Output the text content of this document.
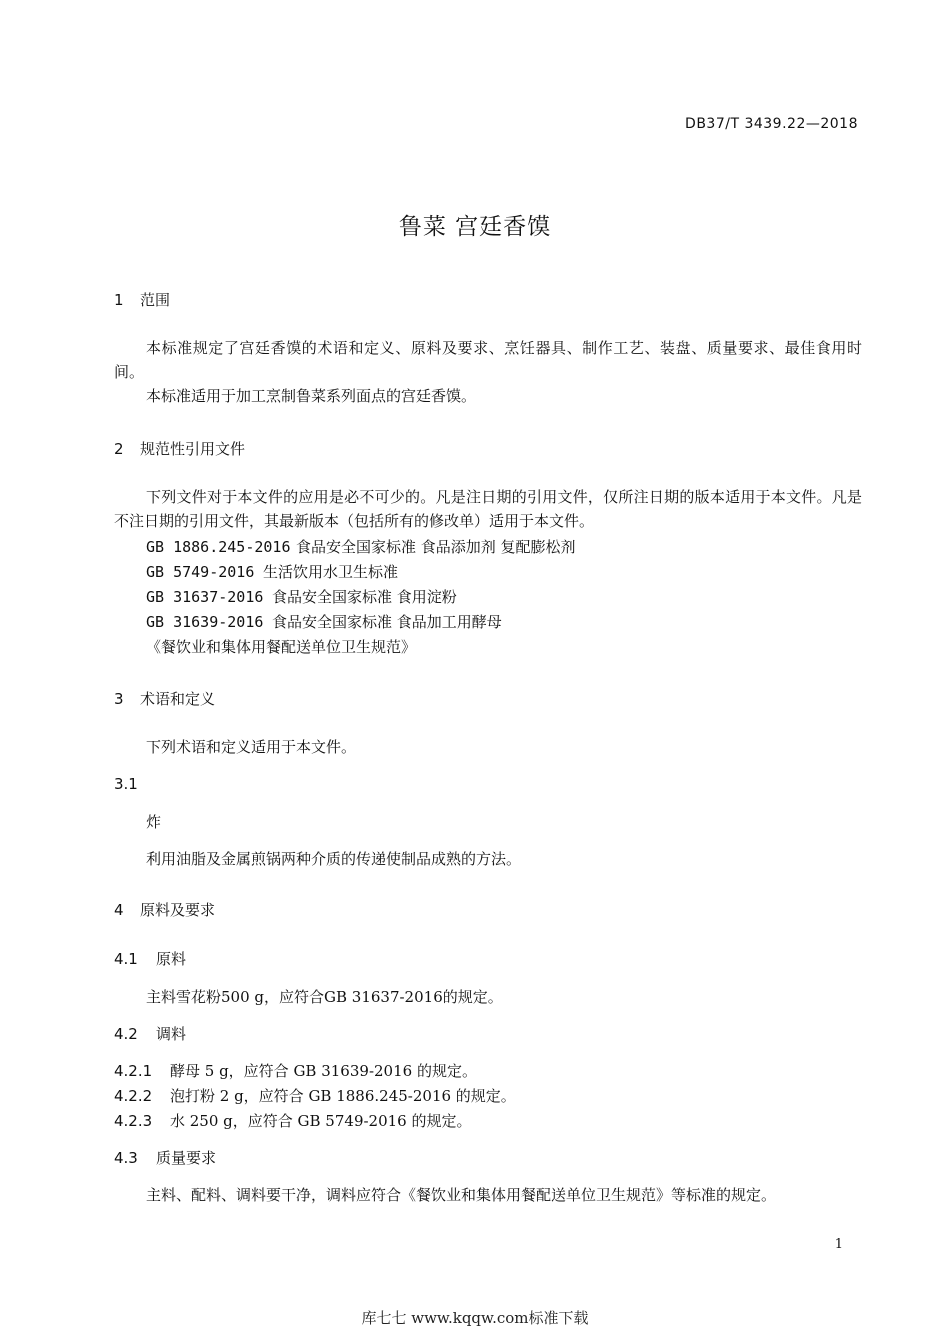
DB37/T 3439.22—2018
鲁菜 宫廷香馍
1 范围
本标准规定了宫廷香馍的术语和定义、原料及要求、烹饪器具、制作工艺、装盘、质量要求、最佳食用时间。
本标准适用于加工烹制鲁菜系列面点的宫廷香馍。
2 规范性引用文件
下列文件对于本文件的应用是必不可少的。凡是注日期的引用文件，仅所注日期的版本适用于本文件。凡是不注日期的引用文件，其最新版本（包括所有的修改单）适用于本文件。
GB 1886.245-2016 食品安全国家标准 食品添加剂 复配膨松剂
GB 5749-2016 生活饮用水卫生标准
GB 31637-2016 食品安全国家标准 食用淀粉
GB 31639-2016 食品安全国家标准 食品加工用酵母
《餐饮业和集体用餐配送单位卫生规范》
3 术语和定义
下列术语和定义适用于本文件。
3.1
炸
利用油脂及金属煎锅两种介质的传递使制品成熟的方法。
4 原料及要求
4.1 原料
主料雪花粉500 g，应符合GB 31637-2016的规定。
4.2 调料
4.2.1 酵母 5 g，应符合 GB 31639-2016 的规定。
4.2.2 泡打粉 2 g，应符合 GB 1886.245-2016 的规定。
4.2.3 水 250 g，应符合 GB 5749-2016 的规定。
4.3 质量要求
主料、配料、调料要干净，调料应符合《餐饮业和集体用餐配送单位卫生规范》等标准的规定。
1
库七七 www.kqqw.com标准下载
